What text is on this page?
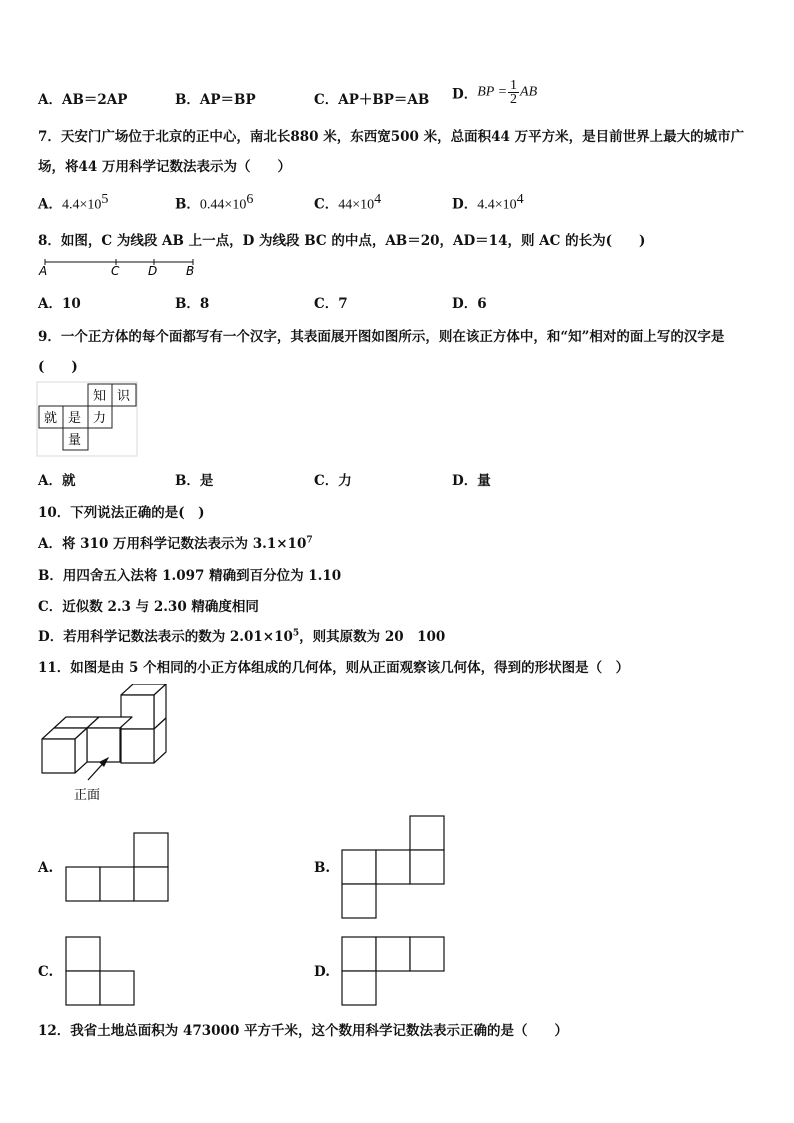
A．AB＝2AP	B．AP＝BP	C．AP＋BP＝AB D．BP = $\frac{1}{2}$ AB
7．天安门广场位于北京的正中心，南北长880 米，东西宽500 米，总面积44 万平方米，是目前世界上最大的城市广
场，将44 万用科学记数法表示为（　　）
A．$4.4\times 10^5$	B．$0.44\times 10^6$	C．$44\times 10^4$	D．$4.4\times 10^4$
8．如图，C 为线段 AB 上一点，D 为线段 BC 的中点，AB＝20，AD＝14，则 AC 的长为(　　)
A	C D B
A．10	B．8	C．7	D．6
9．一个正方体的每个面都写有一个汉字，其表面展开图如图所示，则在该正方体中，和“知”相对的面上写的汉字是
(　　)
知 识
就 是 力
量
A．就	B．是	C．力	D．量
10．下列说法正确的是(　)
A．将 310 万用科学记数法表示为 $3.1\times 10^7$
B．用四舍五入法将 1.097 精确到百分位为 1.10
C．近似数 2.3 与 2.30 精确度相同
D．若用科学记数法表示的数为 $2.01\times 10^5$，则其原数为 20　100
11．如图是由 5 个相同的小正方体组成的几何体，则从正面观察该几何体，得到的形状图是（　）
正面
A.	B.
C.	D.
12．我省土地总面积为 473000 平方千米，这个数用科学记数法表示正确的是（　　）
